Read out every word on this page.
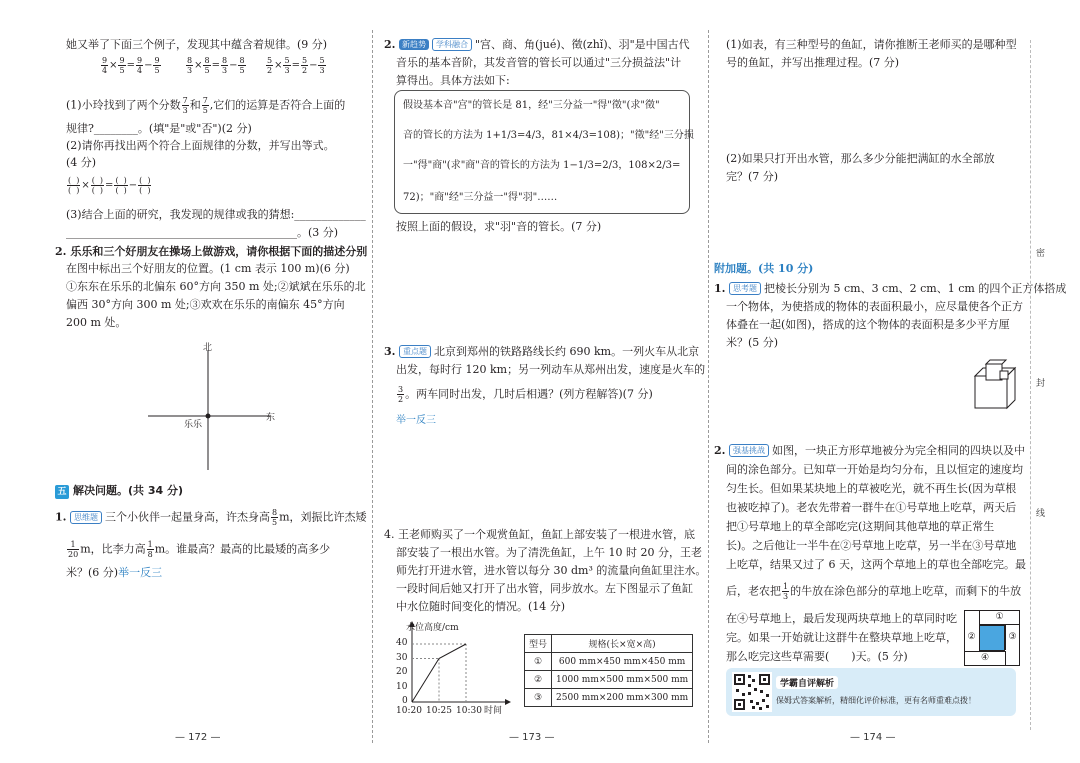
她又举了下面三个例子，发现其中蕴含着规律。(9 分)
$\frac{9}{4} \times \frac{9}{5} = \frac{9}{4} - \frac{9}{5}$	$\frac{8}{3} \times \frac{8}{5} = \frac{8}{3} - \frac{8}{5}$	$\frac{5}{2} \times \frac{5}{3} = \frac{5}{2} - \frac{5}{3}$
(1)小玲找到了两个分数 $\frac{7}{3}$ 和 $\frac{7}{5}$ ,它们的运算是否符合上面的
规律?________。(填"是"或"否")(2 分)
(2)请你再找出两个符合上面规律的分数，并写出等式。
(4 分)
$\frac{( )}{( )} \times \frac{( )}{( )} = \frac{( )}{( )} - \frac{( )}{( )}$
(3)结合上面的研究，我发现的规律或我的猜想:_____________
__________________________________________。(3 分)
2. 乐乐和三个好朋友在操场上做游戏，请你根据下面的描述分别
在图中标出三个好朋友的位置。(1 cm 表示 100 m)(6 分)
①东东在乐乐的北偏东 60°方向 350 m 处;②斌斌在乐乐的北
偏西 30°方向 300 m 处;③欢欢在乐乐的南偏东 45°方向
200 m 处。
北
东
乐乐
五 解决问题。(共 34 分)
1. 思维题 三个小伙伴一起量身高，许杰身高 $\frac{8}{5}$ m，刘振比许杰矮
$\frac{1}{20}$ m，比李力高 $\frac{1}{8}$ m。谁最高？最高的比最矮的高多少
米？(6 分)举一反三
— 172 —
2. 新趋势 学科融合 "宫、商、角(jué)、徵(zhǐ)、羽"是中国古代
音乐的基本音阶，其发音管的管长可以通过"三分损益法"计
算得出。具体方法如下:
假设基本音"宫"的管长是 81，经"三分益一"得"徵"(求"徵"
音的管长的方法为 1+1/3=4/3，81×4/3=108)；"徵"经"三分损
一"得"商"(求"商"音的管长的方法为 1−1/3=2/3，108×2/3=
72)；"商"经"三分益一"得"羽"……
按照上面的假设，求"羽"音的管长。(7 分)
3. 重点题 北京到郑州的铁路路线长约 690 km。一列火车从北京
出发，每时行 120 km；另一列动车从郑州出发，速度是火车的
$\frac{3}{2}$ 。两车同时出发，几时后相遇？(列方程解答)(7 分)
举一反三
4. 王老师购买了一个观赏鱼缸，鱼缸上部安装了一根进水管，底
部安装了一根出水管。为了清洗鱼缸，上午 10 时 20 分，王老
师先打开进水管，进水管以每分 30 dm³ 的流量向鱼缸里注水。
一段时间后她又打开了出水管，同步放水。左下图显示了鱼缸
中水位随时间变化的情况。(14 分)
水位高度/cm
40
30
20
10
0
10:20 10:25 10:30 时间
型号	规格(长×宽×高)
①	600 mm×450 mm×450 mm
②	1000 mm×500 mm×500 mm
③	2500 mm×200 mm×300 mm
— 173 —
(1)如表，有三种型号的鱼缸，请你推断王老师买的是哪种型
号的鱼缸，并写出推理过程。(7 分)
(2)如果只打开出水管，那么多少分能把满缸的水全部放
完？(7 分)
附加题。(共 10 分)
1. 思考题 把棱长分别为 5 cm、3 cm、2 cm、1 cm 的四个正方体搭成
一个物体，为使搭成的物体的表面积最小，应尽量使各个正方
体叠在一起(如图)，搭成的这个物体的表面积是多少平方厘
米？(5 分)
2. 强基挑战 如图，一块正方形草地被分为完全相同的四块以及中
间的涂色部分。已知草一开始是均匀分布，且以恒定的速度均
匀生长。但如果某块地上的草被吃光，就不再生长(因为草根
也被吃掉了)。老农先带着一群牛在①号草地上吃草，两天后
把①号草地上的草全部吃完(这期间其他草地的草正常生
长)。之后他让一半牛在②号草地上吃草，另一半在③号草地
上吃草，结果又过了 6 天，这两个草地上的草也全部吃完。最
后，老农把 $\frac{1}{3}$ 的牛放在涂色部分的草地上吃草，而剩下的牛放
在④号草地上，最后发现两块草地上的草同时吃
完。如果一开始就让这群牛在整块草地上吃草，
那么吃完这些草需要(　　)天。(5 分)
①
②	③
④
学霸自评解析
保姆式答案解析，精细化评价标准，更有名师重难点拨！
— 174 —
密
封
线
